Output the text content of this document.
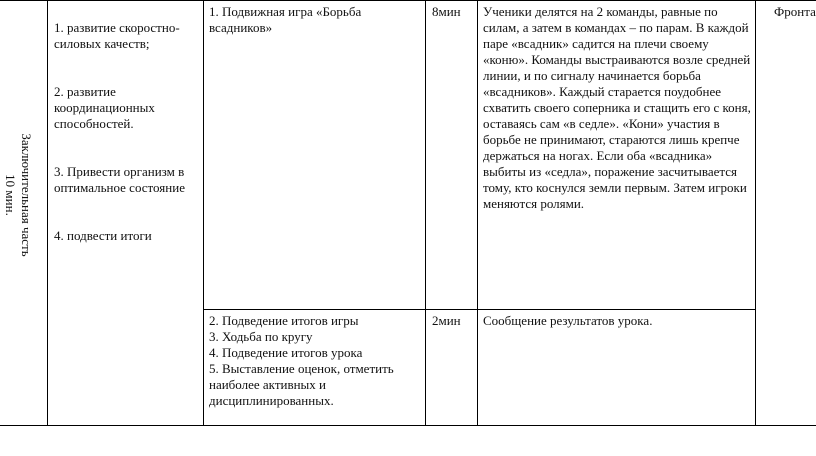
Заключительная часть

10 мин.

1. развитие скоростно-силовых качеств;

2. развитие координационных способностей.

3. Привести организм в оптимальное состояние

4. подвести итоги

1. Подвижная игра «Борьба всадников»
8мин	Ученики делятся на 2 команды, равные по силам, а затем в командах – по парам. В каждой паре «всадник» садится на плечи своему «коню». Команды выстраиваются возле средней линии, и по сигналу начинается борьба «всадников». Каждый старается поудобнее схватить своего соперника и стащить его с коня, оставаясь сам «в седле». «Кони» участия в борьбе не принимают, стараются лишь крепче держаться на ногах. Если оба «всадника» выбиты из «седла», поражение засчитывается тому, кто коснулся земли первым. Затем игроки меняются ролями.
Фронта
2. Подведение итогов игры
3. Ходьба по кругу
4. Подведение итогов урока
5. Выставление оценок, отметить наиболее активных и дисциплинированных.
2мин	Сообщение результатов урока.
